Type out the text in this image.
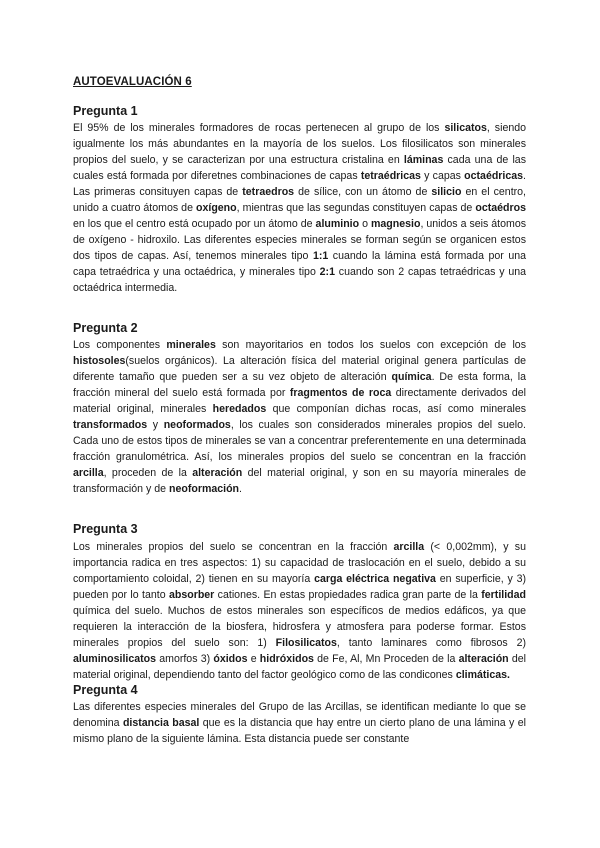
AUTOEVALUACIÓN 6
Pregunta 1

El 95% de los minerales formadores de rocas pertenecen al grupo de los silicatos, siendo igualmente los más abundantes en la mayoría de los suelos. Los filosilicatos son minerales propios del suelo, y se caracterizan por una estructura cristalina en láminas cada una de las cuales está formada por diferetnes combinaciones de capas tetraédricas y capas octaédricas. Las primeras consituyen capas de tetraedros de sílice, con un átomo de silicio en el centro, unido a cuatro átomos de oxígeno, mientras que las segundas constituyen capas de octaédros en los que el centro está ocupado por un átomo de aluminio o magnesio, unidos a seis átomos de oxígeno - hidroxilo. Las diferentes especies minerales se forman según se organicen estos dos tipos de capas. Así, tenemos minerales tipo 1:1 cuando la lámina está formada por una capa tetraédrica y una octaédrica, y minerales tipo 2:1 cuando son 2 capas tetraédricas y una octaédrica intermedia.

Pregunta 2

Los componentes minerales son mayoritarios en todos los suelos con excepción de los histosoles(suelos orgánicos). La alteración física del material original genera partículas de diferente tamaño que pueden ser a su vez objeto de alteración química. De esta forma, la fracción mineral del suelo está formada por fragmentos de roca directamente derivados del material original, minerales heredados que componían dichas rocas, así como minerales transformados y neoformados, los cuales son considerados minerales propios del suelo. Cada uno de estos tipos de minerales se van a concentrar preferentemente en una determinada fracción granulométrica. Así, los minerales propios del suelo se concentran en la fracción arcilla, proceden de la alteración del material original, y son en su mayoría minerales de transformación y de neoformación.

Pregunta 3

Los minerales propios del suelo se concentran en la fracción arcilla (< 0,002mm), y su importancia radica en tres aspectos: 1) su capacidad de traslocación en el suelo, debido a su comportamiento coloidal, 2) tienen en su mayoría carga eléctrica negativa en superficie, y 3) pueden por lo tanto absorber cationes. En estas propiedades radica gran parte de la fertilidad química del suelo. Muchos de estos minerales son específicos de medios edáficos, ya que requieren la interacción de la biosfera, hidrosfera y atmosfera para poderse formar. Estos minerales propios del suelo son: 1) Filosilicatos, tanto laminares como fibrosos 2) aluminosilicatos amorfos 3) óxidos e hidróxidos de Fe, Al, Mn Proceden de la alteración del material original, dependiendo tanto del factor geológico como de las condicones climáticas.

Pregunta 4

Las diferentes especies minerales del Grupo de las Arcillas, se identifican mediante lo que se denomina distancia basal que es la distancia que hay entre un cierto plano de una lámina y el mismo plano de la siguiente lámina. Esta distancia puede ser constante
